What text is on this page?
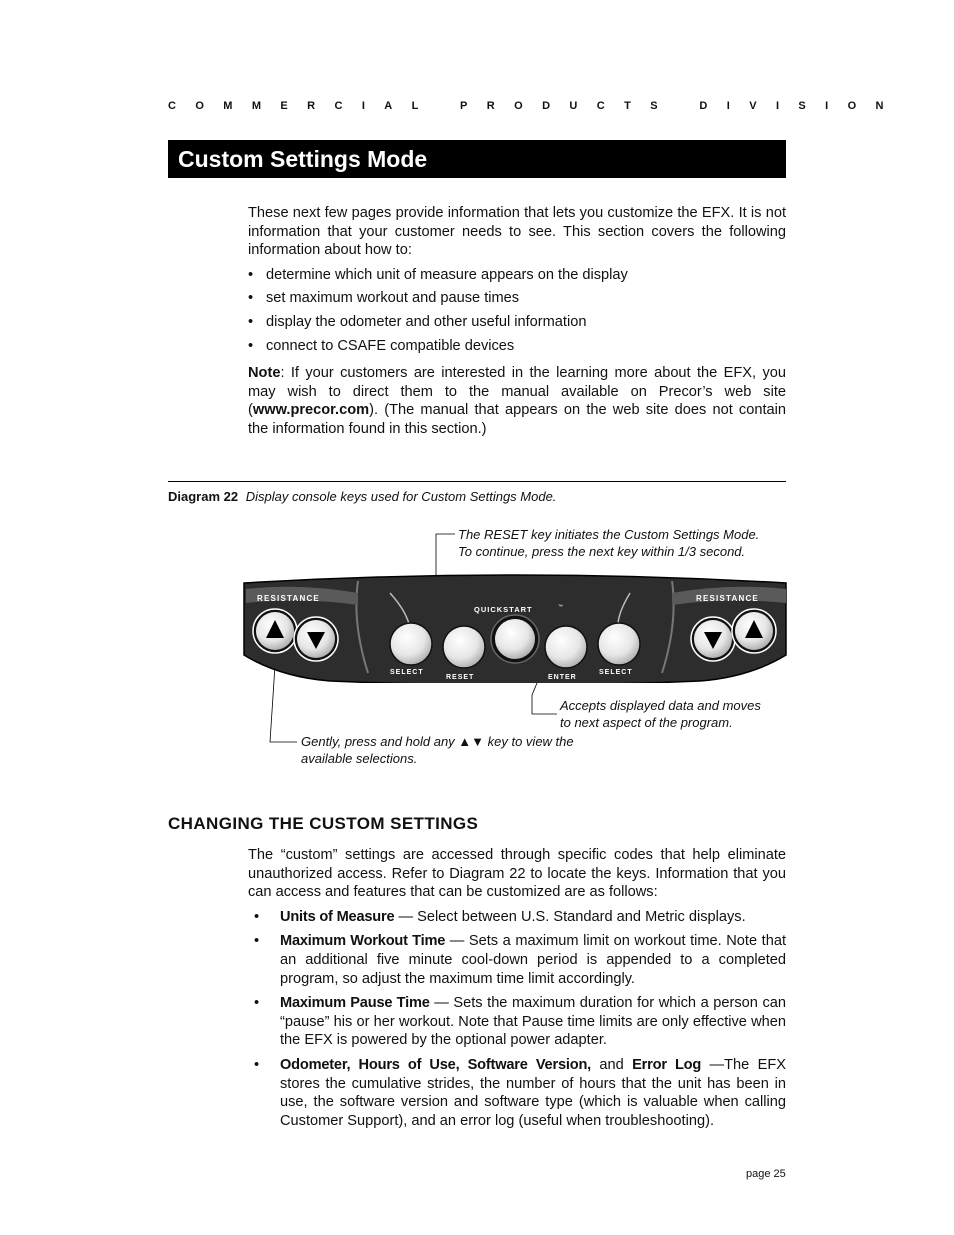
COMMERCIAL PRODUCTS DIVISION
Custom Settings Mode

These next few pages provide information that lets you customize the EFX. It is not information that your customer needs to see. This section covers the following information about how to:

• determine which unit of measure appears on the display
• set maximum workout and pause times
• display the odometer and other useful information
• connect to CSAFE compatible devices

Note: If your customers are interested in the learning more about the EFX, you may wish to direct them to the manual available on Precor’s web site (www.precor.com). (The manual that appears on the web site does not contain the information found in this section.)

Diagram 22 Display console keys used for Custom Settings Mode.
The RESET key initiates the Custom Settings Mode.
To continue, press the next key within 1/3 second.
Accepts displayed data and moves
to next aspect of the program.
Gently, press and hold any ▲▼ key to view the
available selections.
RESISTANCE	RESISTANCE
QUICKSTART	™
SELECT
RESET	ENTER
SELECT
CHANGING THE CUSTOM SETTINGS

The “custom” settings are accessed through specific codes that help eliminate unauthorized access. Refer to Diagram 22 to locate the keys. Information that you can access and features that can be customized are as follows:

• Units of Measure — Select between U.S. Standard and Metric displays.
• Maximum Workout Time — Sets a maximum limit on workout time. Note that an additional five minute cool-down period is appended to a completed program, so adjust the maximum time limit accordingly.
• Maximum Pause Time — Sets the maximum duration for which a person can “pause” his or her workout. Note that Pause time limits are only effective when the EFX is powered by the optional power adapter.
• Odometer, Hours of Use, Software Version, and Error Log —The EFX stores the cumulative strides, the number of hours that the unit has been in use, the software version and software type (which is valuable when calling Customer Support), and an error log (useful when troubleshooting).
page 25
